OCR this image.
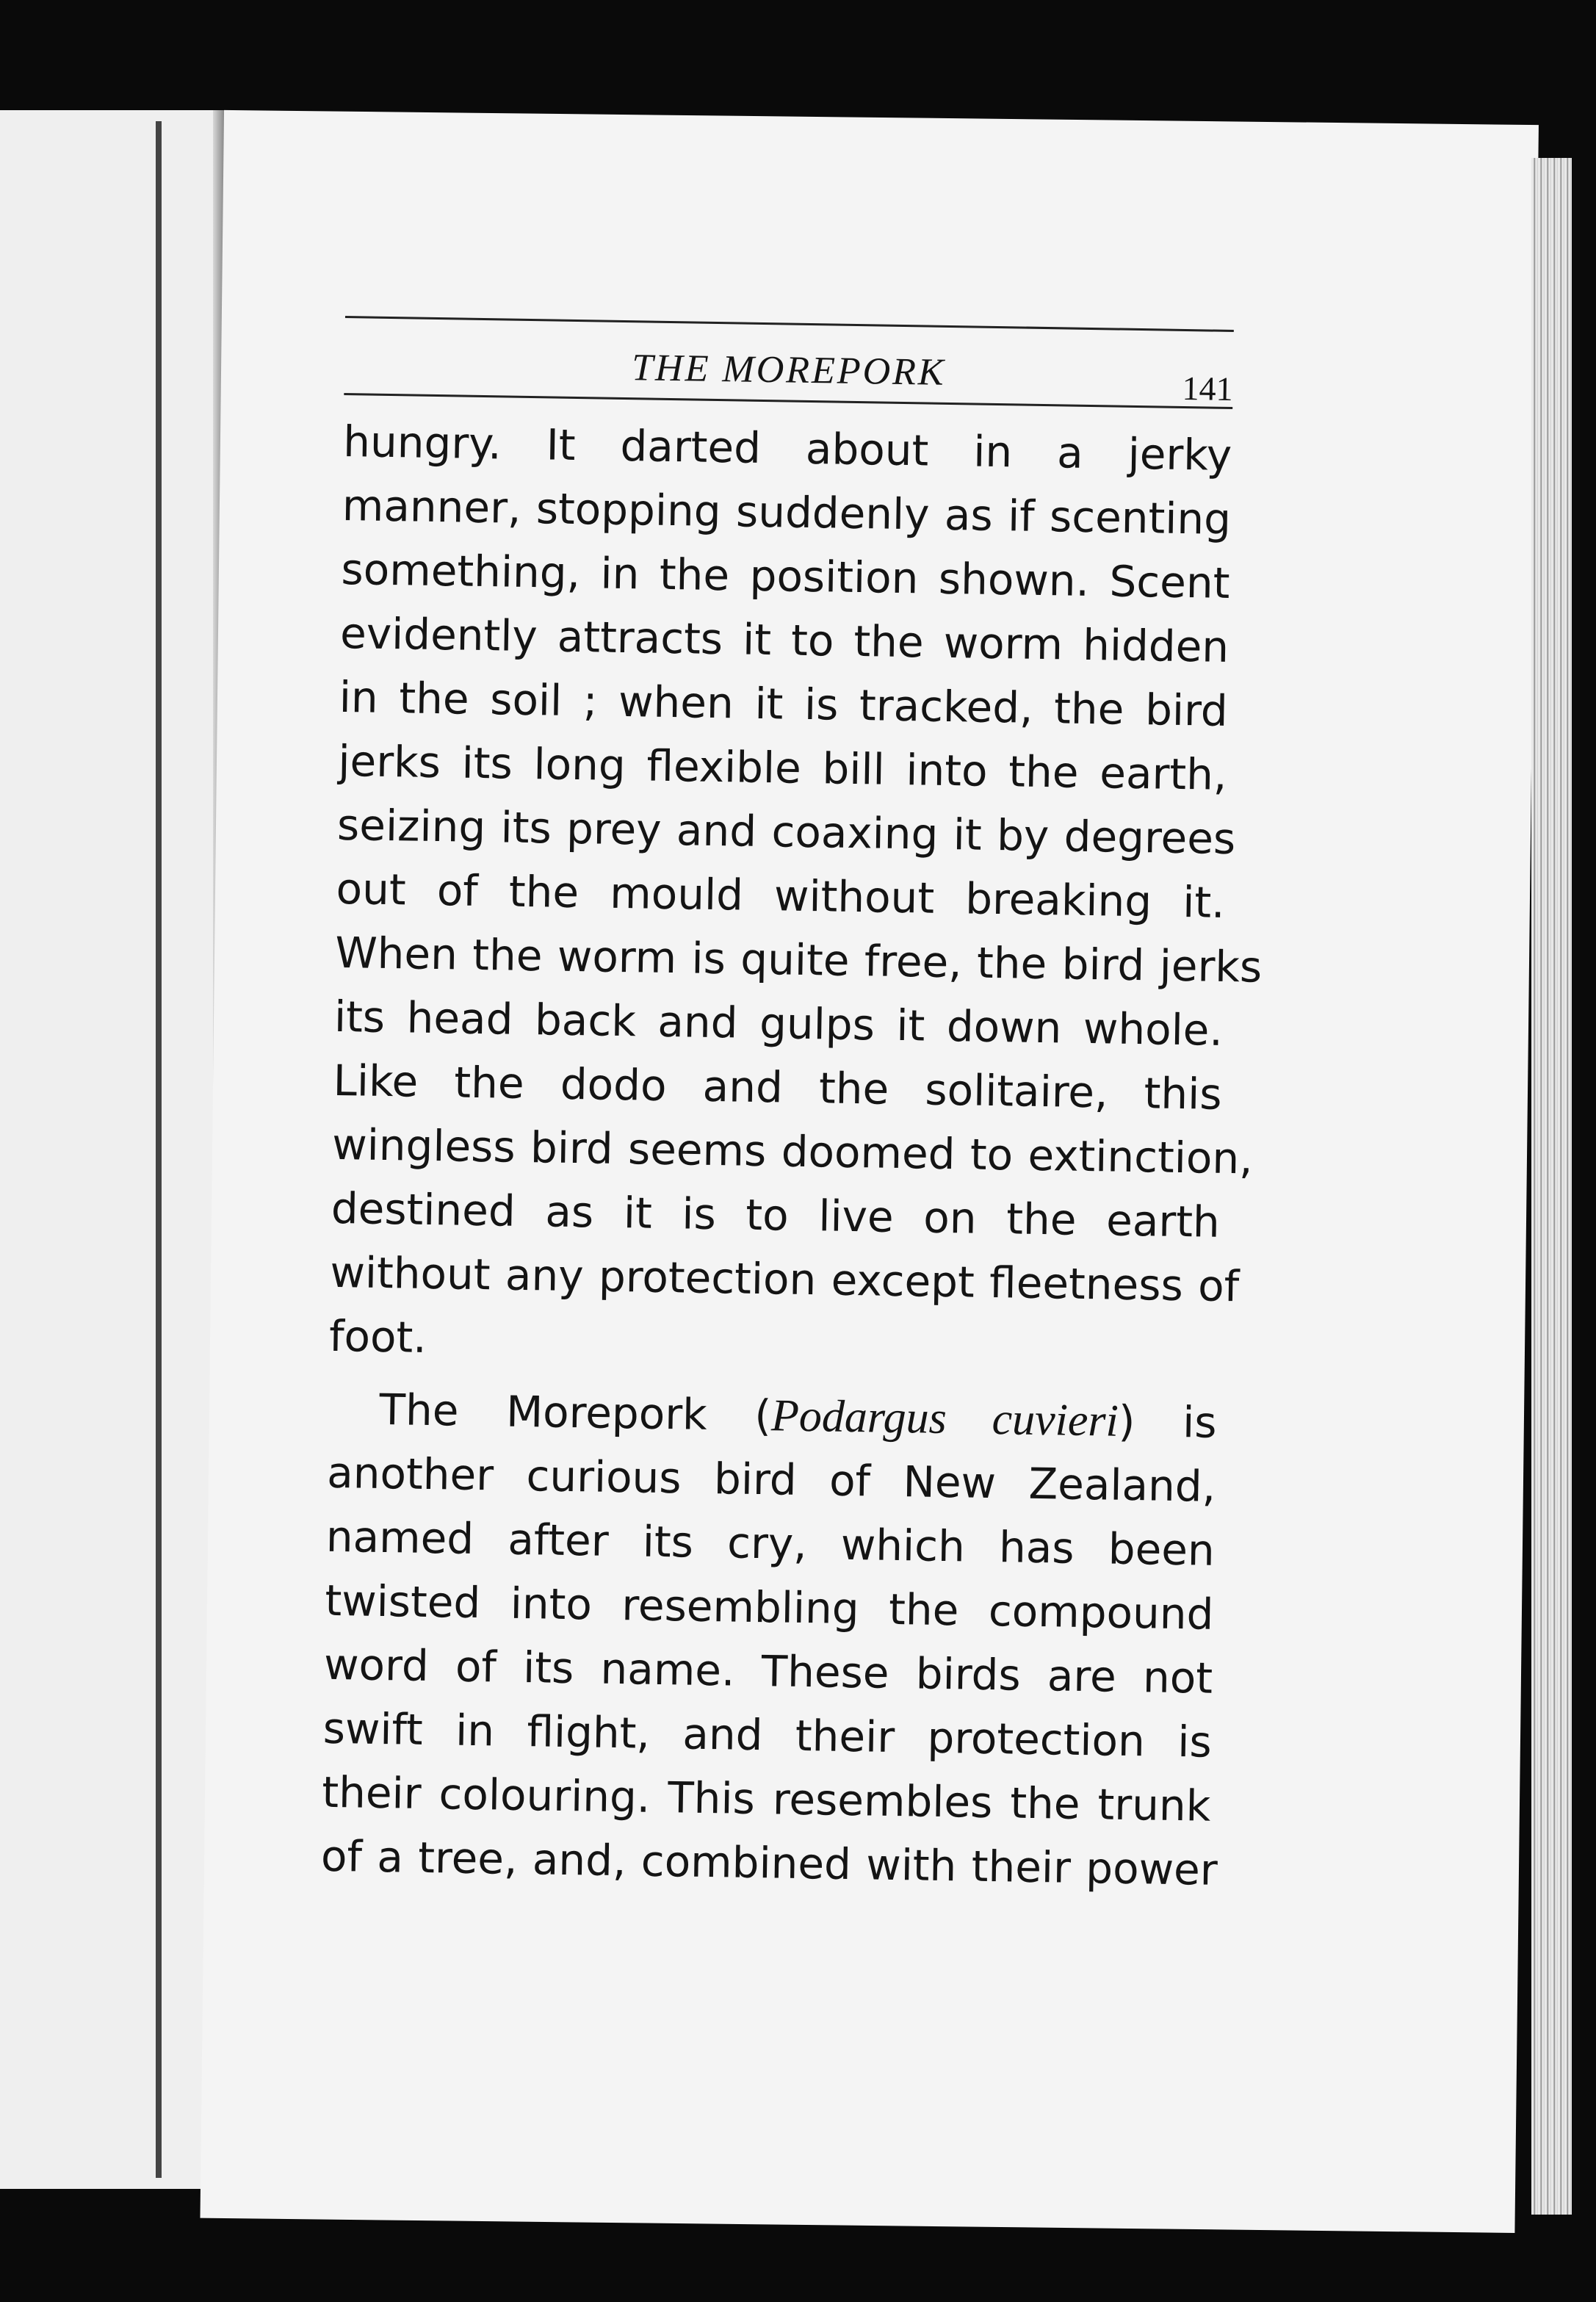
THE MOREPORK	141
hungry. It darted about in a jerky
manner, stopping suddenly as if scenting
something, in the position shown. Scent
evidently attracts it to the worm hidden
in the soil ; when it is tracked, the bird
jerks its long flexible bill into the earth,
seizing its prey and coaxing it by degrees
out of the mould without breaking it.
When the worm is quite free, the bird jerks
its head back and gulps it down whole.
Like the dodo and the solitaire, this
wingless bird seems doomed to extinction,
destined as it is to live on the earth
without any protection except fleetness of
foot.
The Morepork (Podargus cuvieri) is
another curious bird of New Zealand,
named after its cry, which has been
twisted into resembling the compound
word of its name. These birds are not
swift in flight, and their protection is
their colouring. This resembles the trunk
of a tree, and, combined with their power
